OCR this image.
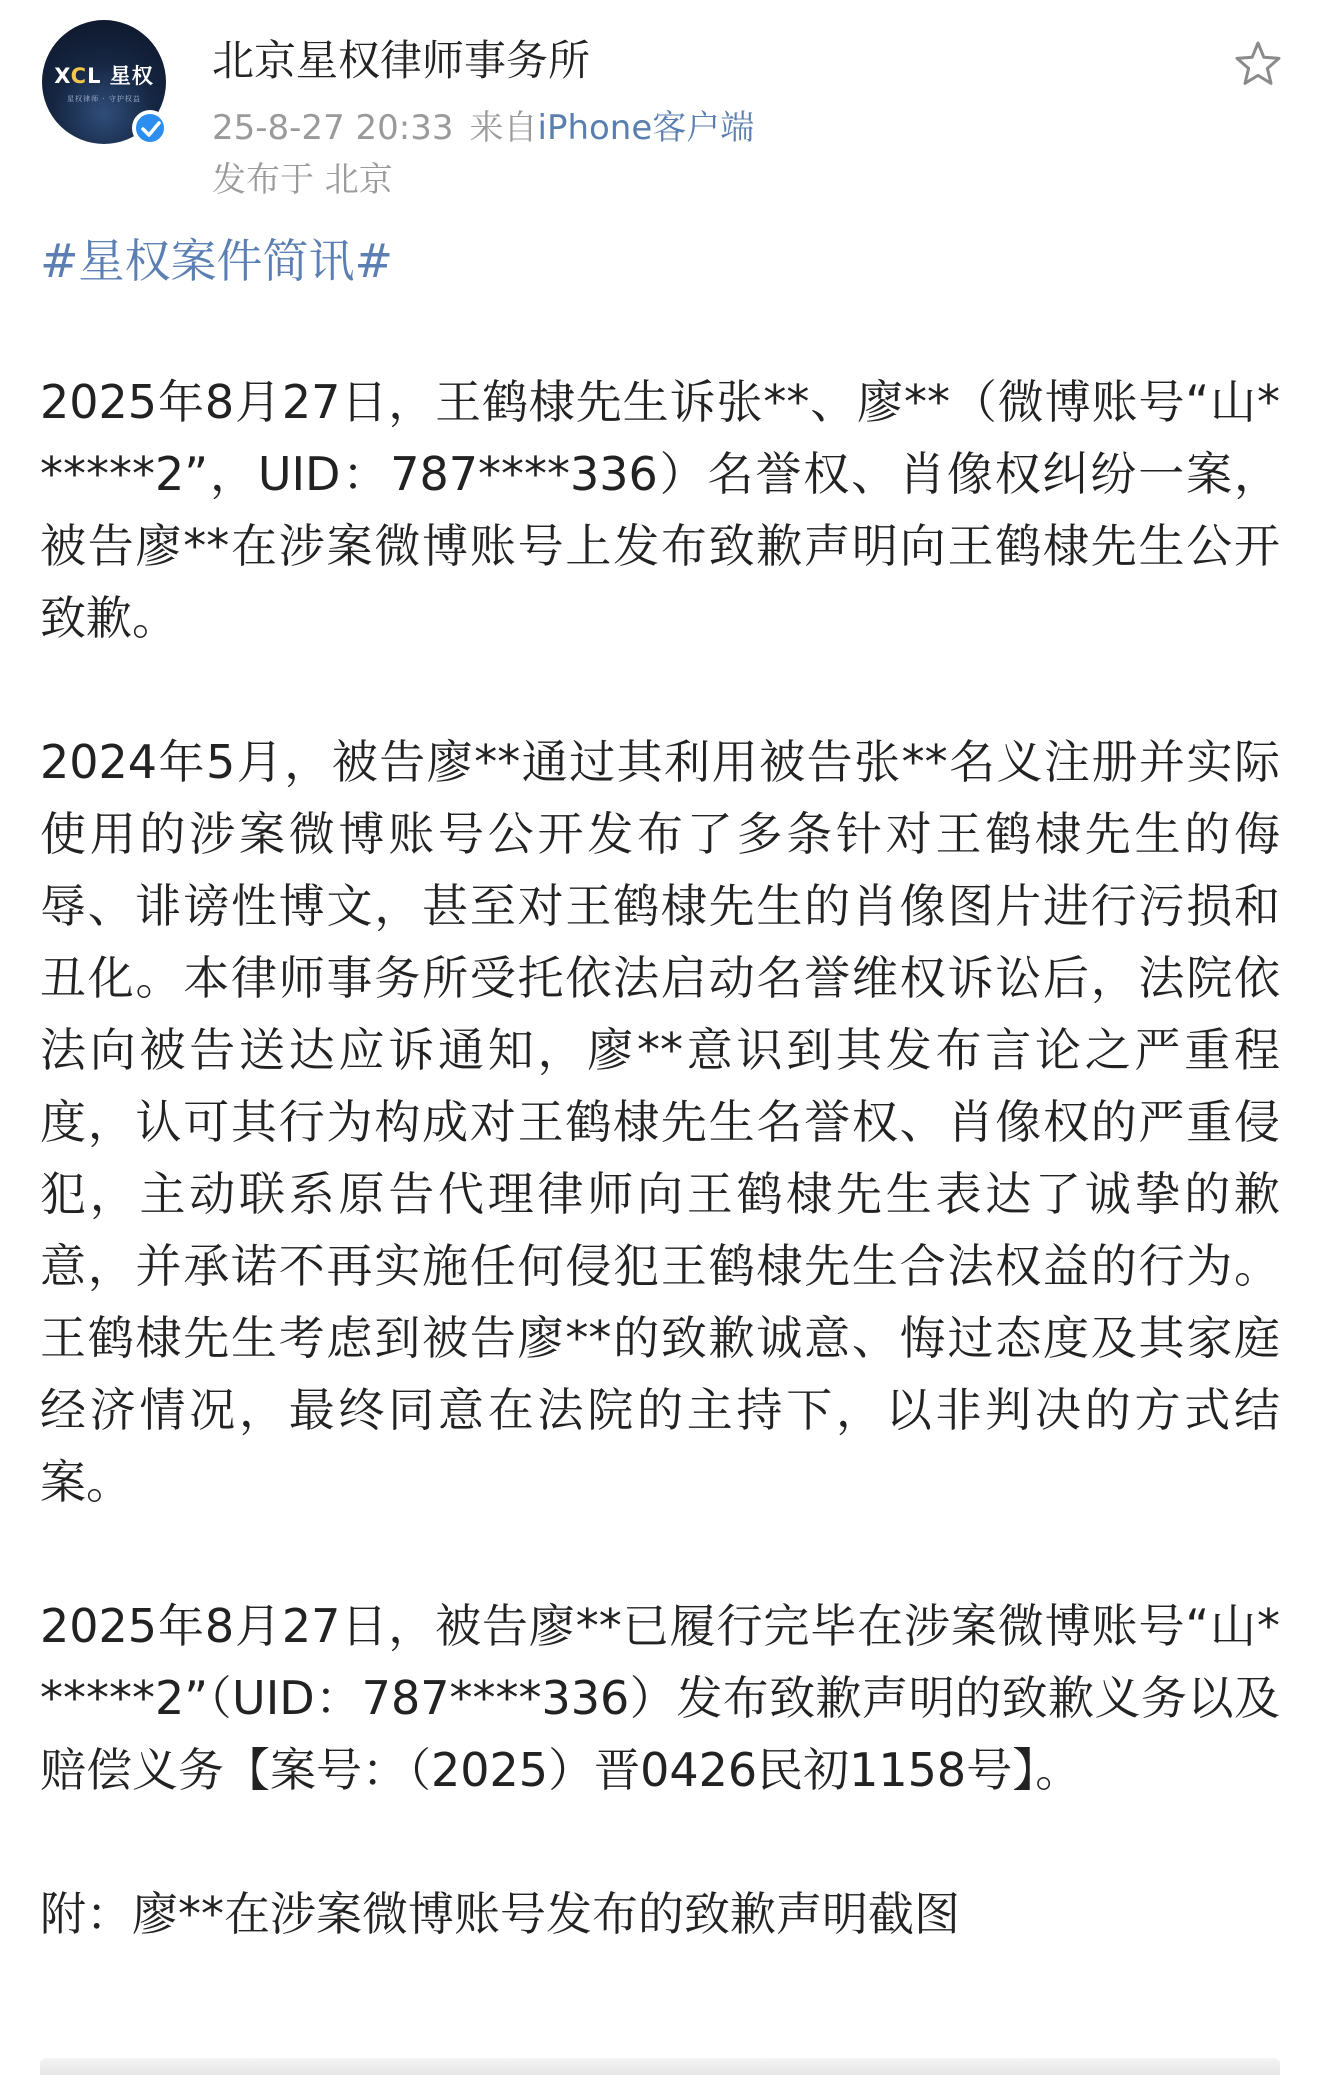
XCL 星权
星权律师 · 守护权益
北京星权律师事务所
25-8-27 20:33 来自iPhone客户端
发布于 北京
#星权案件简讯#

2025年8月27日，王鹤棣先生诉张**、廖**（微博账号“山******2”，UID：787****336）名誉权、肖像权纠纷一案，被告廖**在涉案微博账号上发布致歉声明向王鹤棣先生公开致歉。

2024年5月，被告廖**通过其利用被告张**名义注册并实际使用的涉案微博账号公开发布了多条针对王鹤棣先生的侮辱、诽谤性博文，甚至对王鹤棣先生的肖像图片进行污损和丑化。本律师事务所受托依法启动名誉维权诉讼后，法院依法向被告送达应诉通知，廖**意识到其发布言论之严重程度，认可其行为构成对王鹤棣先生名誉权、肖像权的严重侵犯，主动联系原告代理律师向王鹤棣先生表达了诚挚的歉意，并承诺不再实施任何侵犯王鹤棣先生合法权益的行为。王鹤棣先生考虑到被告廖**的致歉诚意、悔过态度及其家庭经济情况，最终同意在法院的主持下，以非判决的方式结案。

2025年8月27日，被告廖**已履行完毕在涉案微博账号“山******2”（UID：787****336）发布致歉声明的致歉义务以及赔偿义务【案号：（2025）晋0426民初1158号】。

附：廖**在涉案微博账号发布的致歉声明截图
